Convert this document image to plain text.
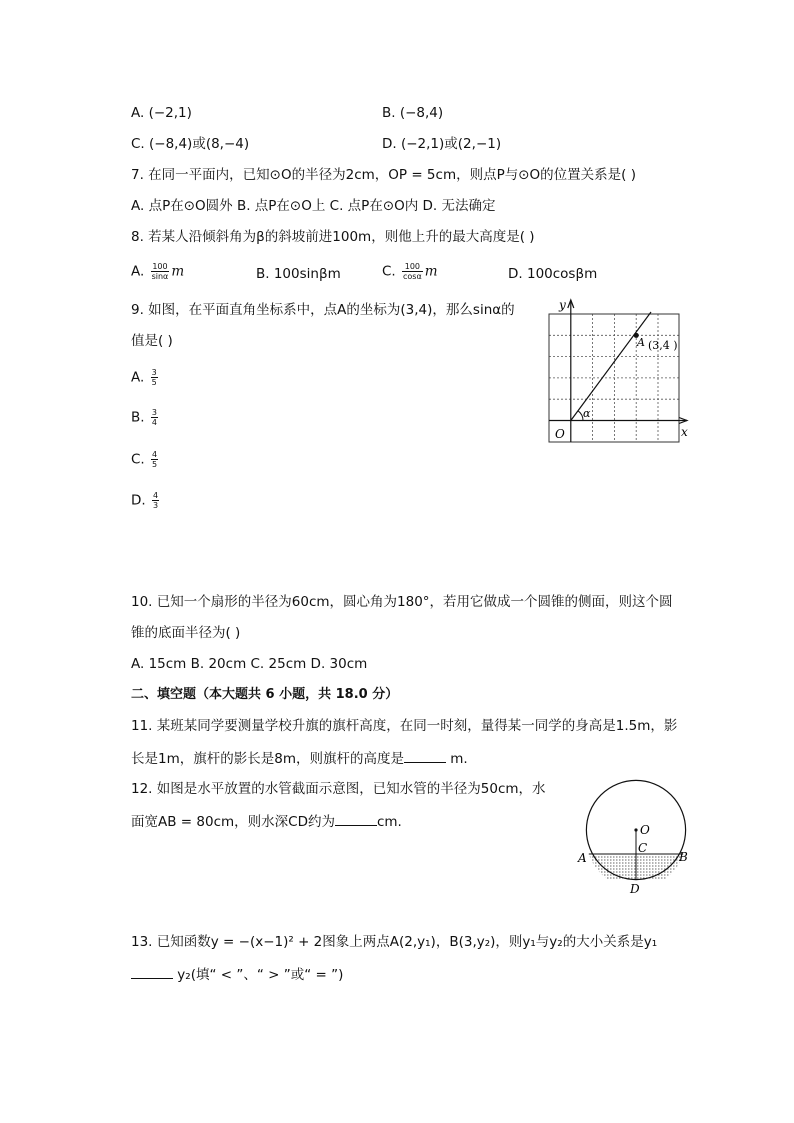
A. (−2,1)	B. (−8,4)
C. (−8,4)或(8,−4)	D. (−2,1)或(2,−1)
7. 在同一平面内，已知⊙O的半径为2cm，OP = 5cm，则点P与⊙O的位置关系是( )
A. 点P在⊙O圆外 B. 点P在⊙O上 C. 点P在⊙O内 D. 无法确定
8. 若某人沿倾斜角为β的斜坡前进100m，则他上升的最大高度是( )
A. $\frac{100}{\sin\alpha}$ m	B. 100sinβm	C. $\frac{100}{\cos\alpha}$ m	D. 100cosβm
9. 如图，在平面直角坐标系中，点A的坐标为(3,4)，那么sinα的
值是( )
A. $\frac{3}{5}$
B. $\frac{3}{4}$
C. $\frac{4}{5}$
D. $\frac{4}{3}$
y
x
O
A (3,4 )
α
10. 已知一个扇形的半径为60cm，圆心角为180°，若用它做成一个圆锥的侧面，则这个圆
锥的底面半径为( )
A. 15cm B. 20cm C. 25cm D. 30cm
二、填空题（本大题共 6 小题，共 18.0 分）
11. 某班某同学要测量学校升旗的旗杆高度，在同一时刻，量得某一同学的身高是1.5m，影
长是1m，旗杆的影长是8m，则旗杆的高度是	m.
12. 如图是水平放置的水管截面示意图，已知水管的半径为50cm，水
面宽AB = 80cm，则水深CD约为	cm.	O
C
A	B
D
13. 已知函数y = −(x−1)² + 2图象上两点A(2,y₁)，B(3,y₂)，则y₁与y₂的大小关系是y₁
y₂(填“ < ”、“ > ”或“ = ”)
